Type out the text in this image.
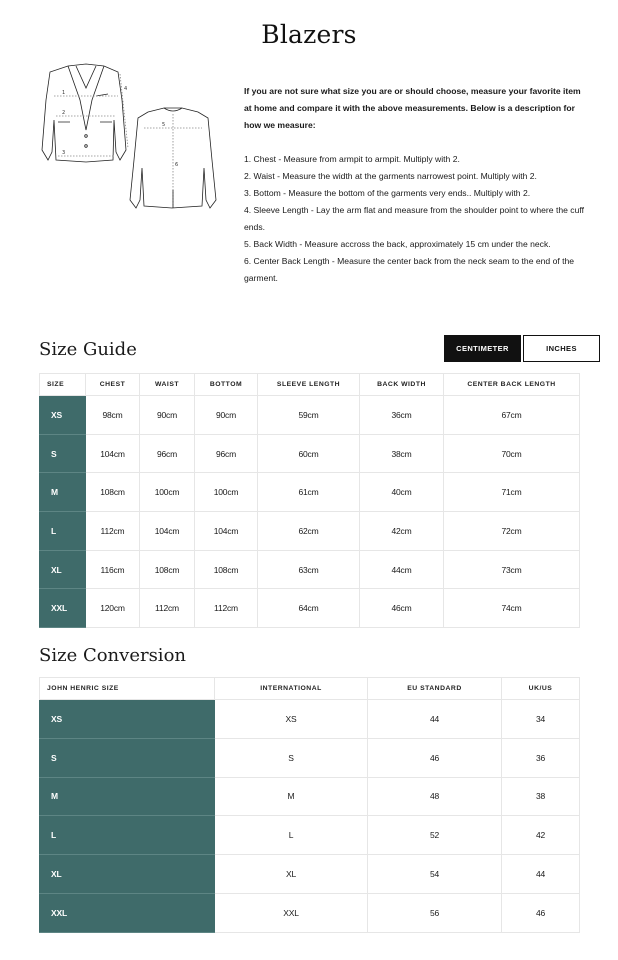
Blazers
1
2
3
4
5
6

If you are not sure what size you are or should choose, measure your favorite item at home and compare it with the above measurements. Below is a description for how we measure:

1. Chest - Measure from armpit to armpit. Multiply with 2.

2. Waist - Measure the width at the garments narrowest point. Multiply with 2.

3. Bottom - Measure the bottom of the garments very ends.. Multiply with 2.

4. Sleeve Length - Lay the arm flat and measure from the shoulder point to where the cuff ends.

5. Back Width - Measure accross the back, approximately 15 cm under the neck.

6. Center Back Length - Measure the center back from the neck seam to the end of the garment.

Size Guide	CENTIMETER	INCHES
SIZE	CHEST	WAIST	BOTTOM	SLEEVE LENGTH	BACK WIDTH	CENTER BACK LENGTH
XS	98cm	90cm	90cm	59cm	36cm	67cm
S	104cm	96cm	96cm	60cm	38cm	70cm
M	108cm	100cm	100cm	61cm	40cm	71cm
L	112cm	104cm	104cm	62cm	42cm	72cm
XL	116cm	108cm	108cm	63cm	44cm	73cm
XXL	120cm	112cm	112cm	64cm	46cm	74cm
Size Conversion
JOHN HENRIC SIZE	INTERNATIONAL	EU STANDARD	UK/US
XS	XS	44	34
S	S	46	36
M	M	48	38
L	L	52	42
XL	XL	54	44
XXL	XXL	56	46
